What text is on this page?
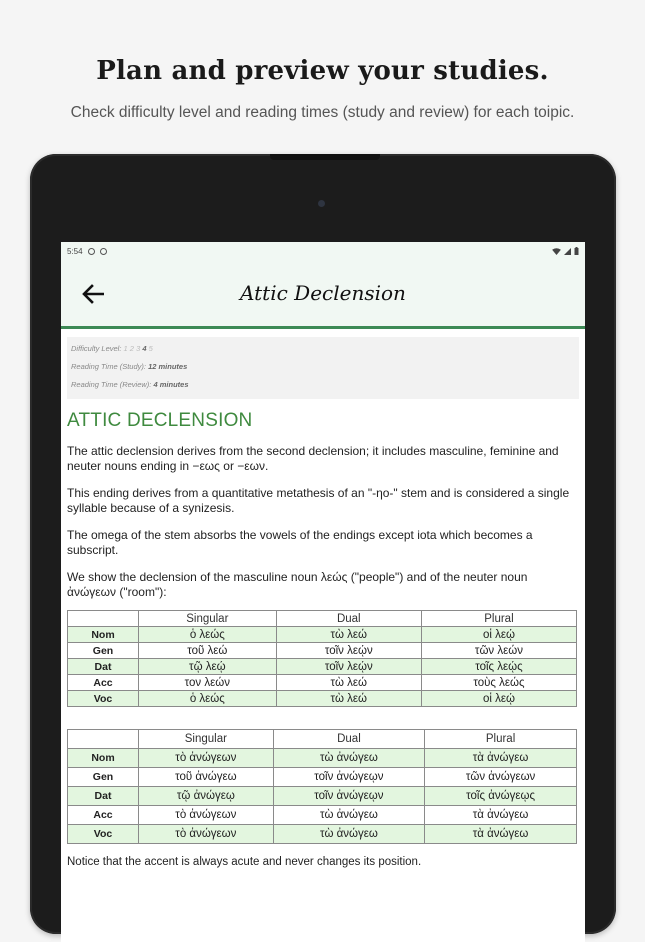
Plan and preview your studies.
Check difficulty level and reading times (study and review) for each toipic.
5:54
Attic Declension
Difficulty Level: 1 2 3 4 5
Reading Time (Study): 12 minutes
Reading Time (Review): 4 minutes
ATTIC DECLENSION
The attic declension derives from the second declension; it includes masculine, feminine and neuter nouns ending in −εως or −εων.
This ending derives from a quantitative metathesis of an "-ηο-" stem and is considered a single syllable because of a synizesis.
The omega of the stem absorbs the vowels of the endings except iota which becomes a subscript.
We show the declension of the masculine noun λεώς ("people") and of the neuter noun ἀνώγεων ("room"):
	Singular	Dual	Plural
Nom	ὁ λεώς	τὼ λεώ	οἱ λεῴ
Gen	τοῦ λεώ	τοῖν λεῴν	τῶν λεών
Dat	τῷ λεῴ	τοῖν λεῴν	τοῖς λεῴς
Acc	τον λεών	τὼ λεώ	τοὺς λεώς
Voc	ὁ λεώς	τὼ λεώ	οἱ λεῴ
	Singular	Dual	Plural
Nom	τὸ ἀνώγεων	τὼ ἀνώγεω	τὰ ἀνώγεω
Gen	τοῦ ἀνώγεω	τοῖν ἀνώγεῳν	τῶν ἀνώγεων
Dat	τῷ ἀνώγεῳ	τοῖν ἀνώγεῳν	τοῖς ἀνώγεῳς
Acc	τὸ ἀνώγεων	τὼ ἀνώγεω	τὰ ἀνώγεω
Voc	τὸ ἀνώγεων	τὼ ἀνώγεω	τὰ ἀνώγεω
Notice that the accent is always acute and never changes its position.
